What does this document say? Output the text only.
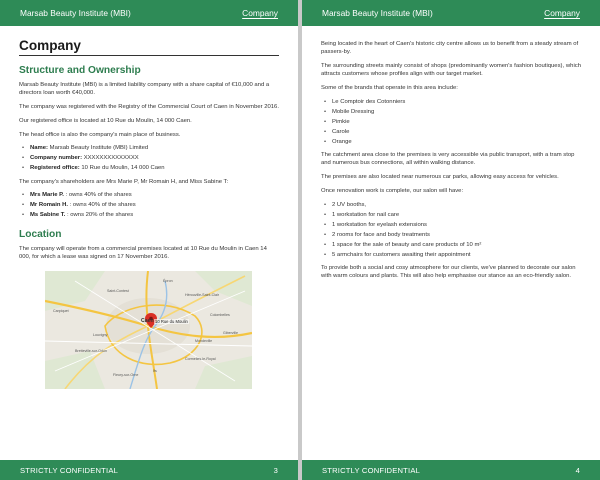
Marsab Beauty Institute (MBI)	Company
Company
Structure and Ownership

Marsab Beauty Institute (MBI) is a limited liability company with a share capital of €10,000 and a directors loan worth €40,000.

The company was registered with the Registry of the Commercial Court of Caen in November 2016.

Our registered office is located at 10 Rue du Moulin, 14 000 Caen.

The head office is also the company's main place of business.

• Name: Marsab Beauty Institute (MBI) Limited
• Company number: XXXXXXXXXXXXXX
• Registered office: 10 Rue du Moulin, 14 000 Caen

The company's shareholders are Mrs Marie P, Mr Romain H, and Miss Sabine T:

• Mrs Marie P. : owns 40% of the shares
• Mr Romain H. : owns 40% of the shares
• Ms Sabine T. : owns 20% of the shares
Location

The company will operate from a commercial premises located at 10 Rue du Moulin in Caen 14 000, for which a lease was signed on 17 November 2016.

Caen 10 Rue du Moulin
Épron
Hérouville-Saint-Clair
Colombelles
Carpiquet
Bretteville-sur-Odon
Ifs
Fleury-sur-Orne
Mondeville
Giberville
Louvigny
Cormelles-le-Royal
Saint-Contest
STRICTLY CONFIDENTIAL	3
Marsab Beauty Institute (MBI)	Company

Being located in the heart of Caen's historic city centre allows us to benefit from a steady stream of passers-by.

The surrounding streets mainly consist of shops (predominantly women's fashion boutiques), which attracts customers whose profiles align with our target market.

Some of the brands that operate in this area include:

• Le Comptoir des Cotonniers
• Mobile Dressing
• Pimkie
• Carole
• Orange

The catchment area close to the premises is very accessible via public transport, with a tram stop and numerous bus connections, all within walking distance.

The premises are also located near numerous car parks, allowing easy access for vehicles.

Once renovation work is complete, our salon will have:

• 2 UV booths,
• 1 workstation for nail care
• 1 workstation for eyelash extensions
• 2 rooms for face and body treatments
• 1 space for the sale of beauty and care products of 10 m²
• 5 armchairs for customers awaiting their appointment

To provide both a social and cosy atmosphere for our clients, we've planned to decorate our salon with warm colours and plants. This will also help emphasise our stance as an eco-friendly salon.

STRICTLY CONFIDENTIAL	4
